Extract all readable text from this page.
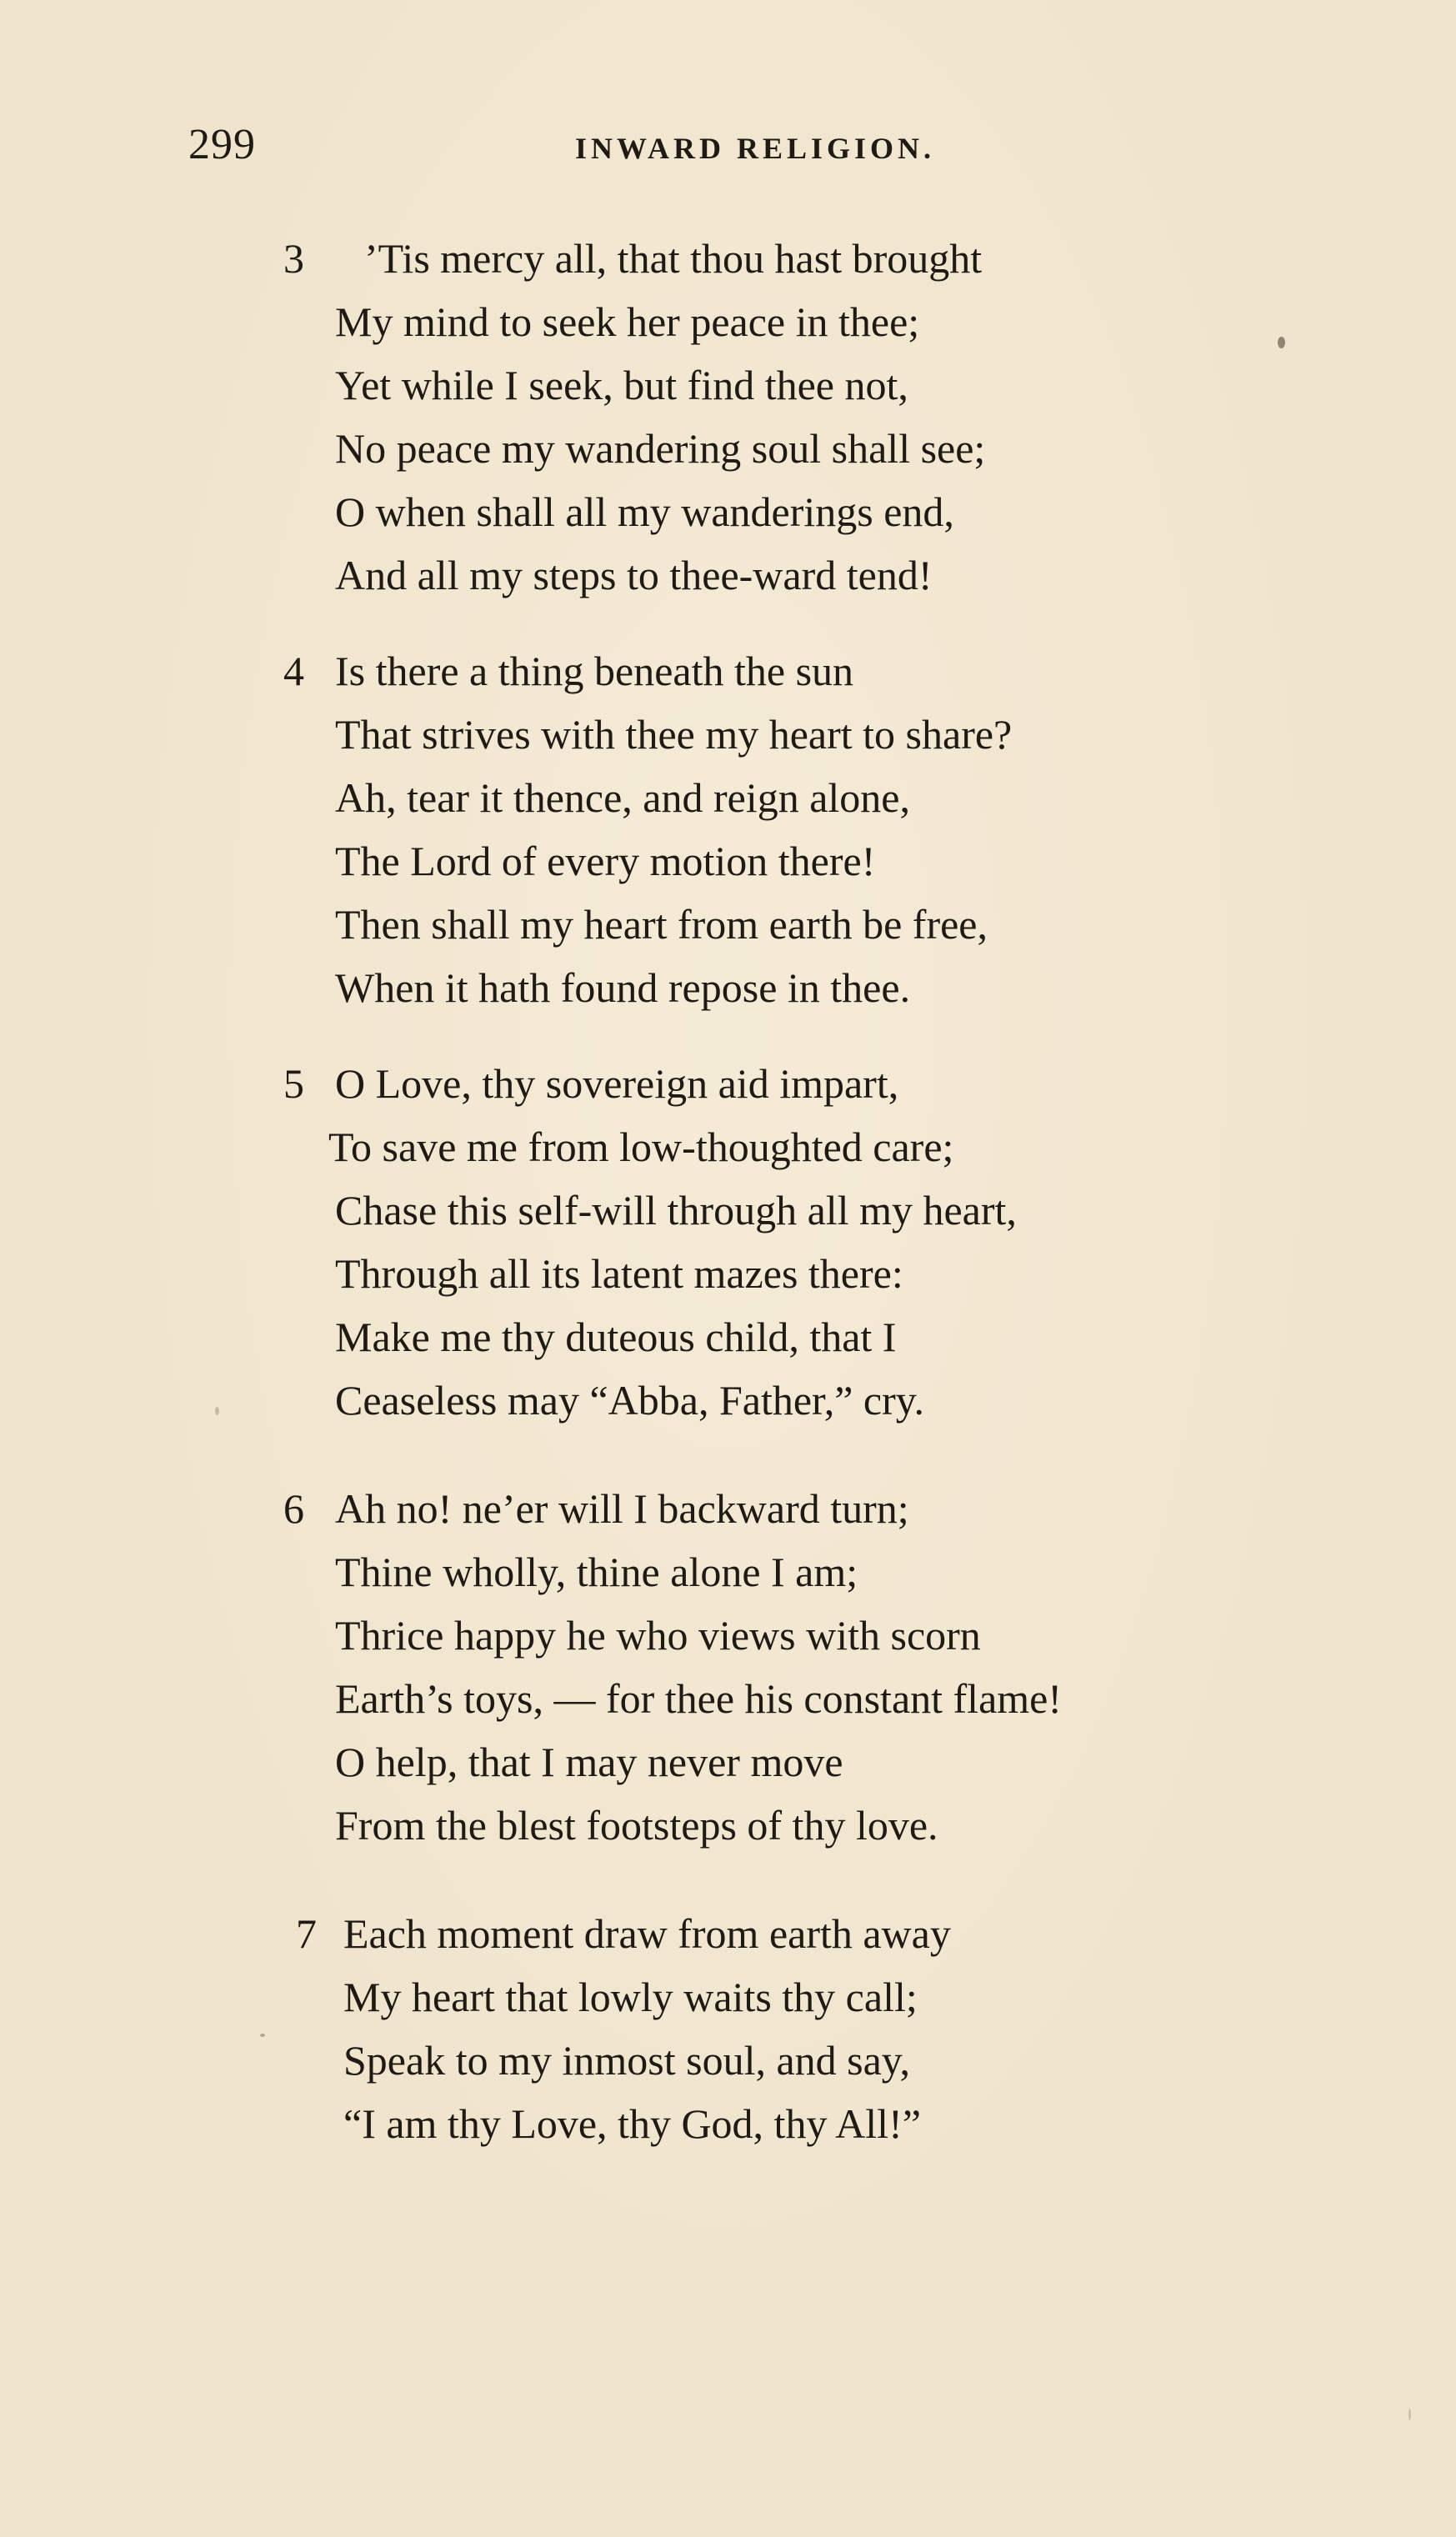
299	INWARD RELIGION.
3 ’Tis mercy all, that thou hast brought
My mind to seek her peace in thee;
Yet while I seek, but find thee not,
No peace my wandering soul shall see;
O when shall all my wanderings end,
And all my steps to thee-ward tend!
4 Is there a thing beneath the sun
That strives with thee my heart to share?
Ah, tear it thence, and reign alone,
The Lord of every motion there!
Then shall my heart from earth be free,
When it hath found repose in thee.
5 O Love, thy sovereign aid impart,
To save me from low-thoughted care;
Chase this self-will through all my heart,
Through all its latent mazes there:
Make me thy duteous child, that I
Ceaseless may “Abba, Father,” cry.
6 Ah no! ne’er will I backward turn;
Thine wholly, thine alone I am;
Thrice happy he who views with scorn
Earth’s toys, — for thee his constant flame!
O help, that I may never move
From the blest footsteps of thy love.
7 Each moment draw from earth away
My heart that lowly waits thy call;
Speak to my inmost soul, and say,
“I am thy Love, thy God, thy All!”
